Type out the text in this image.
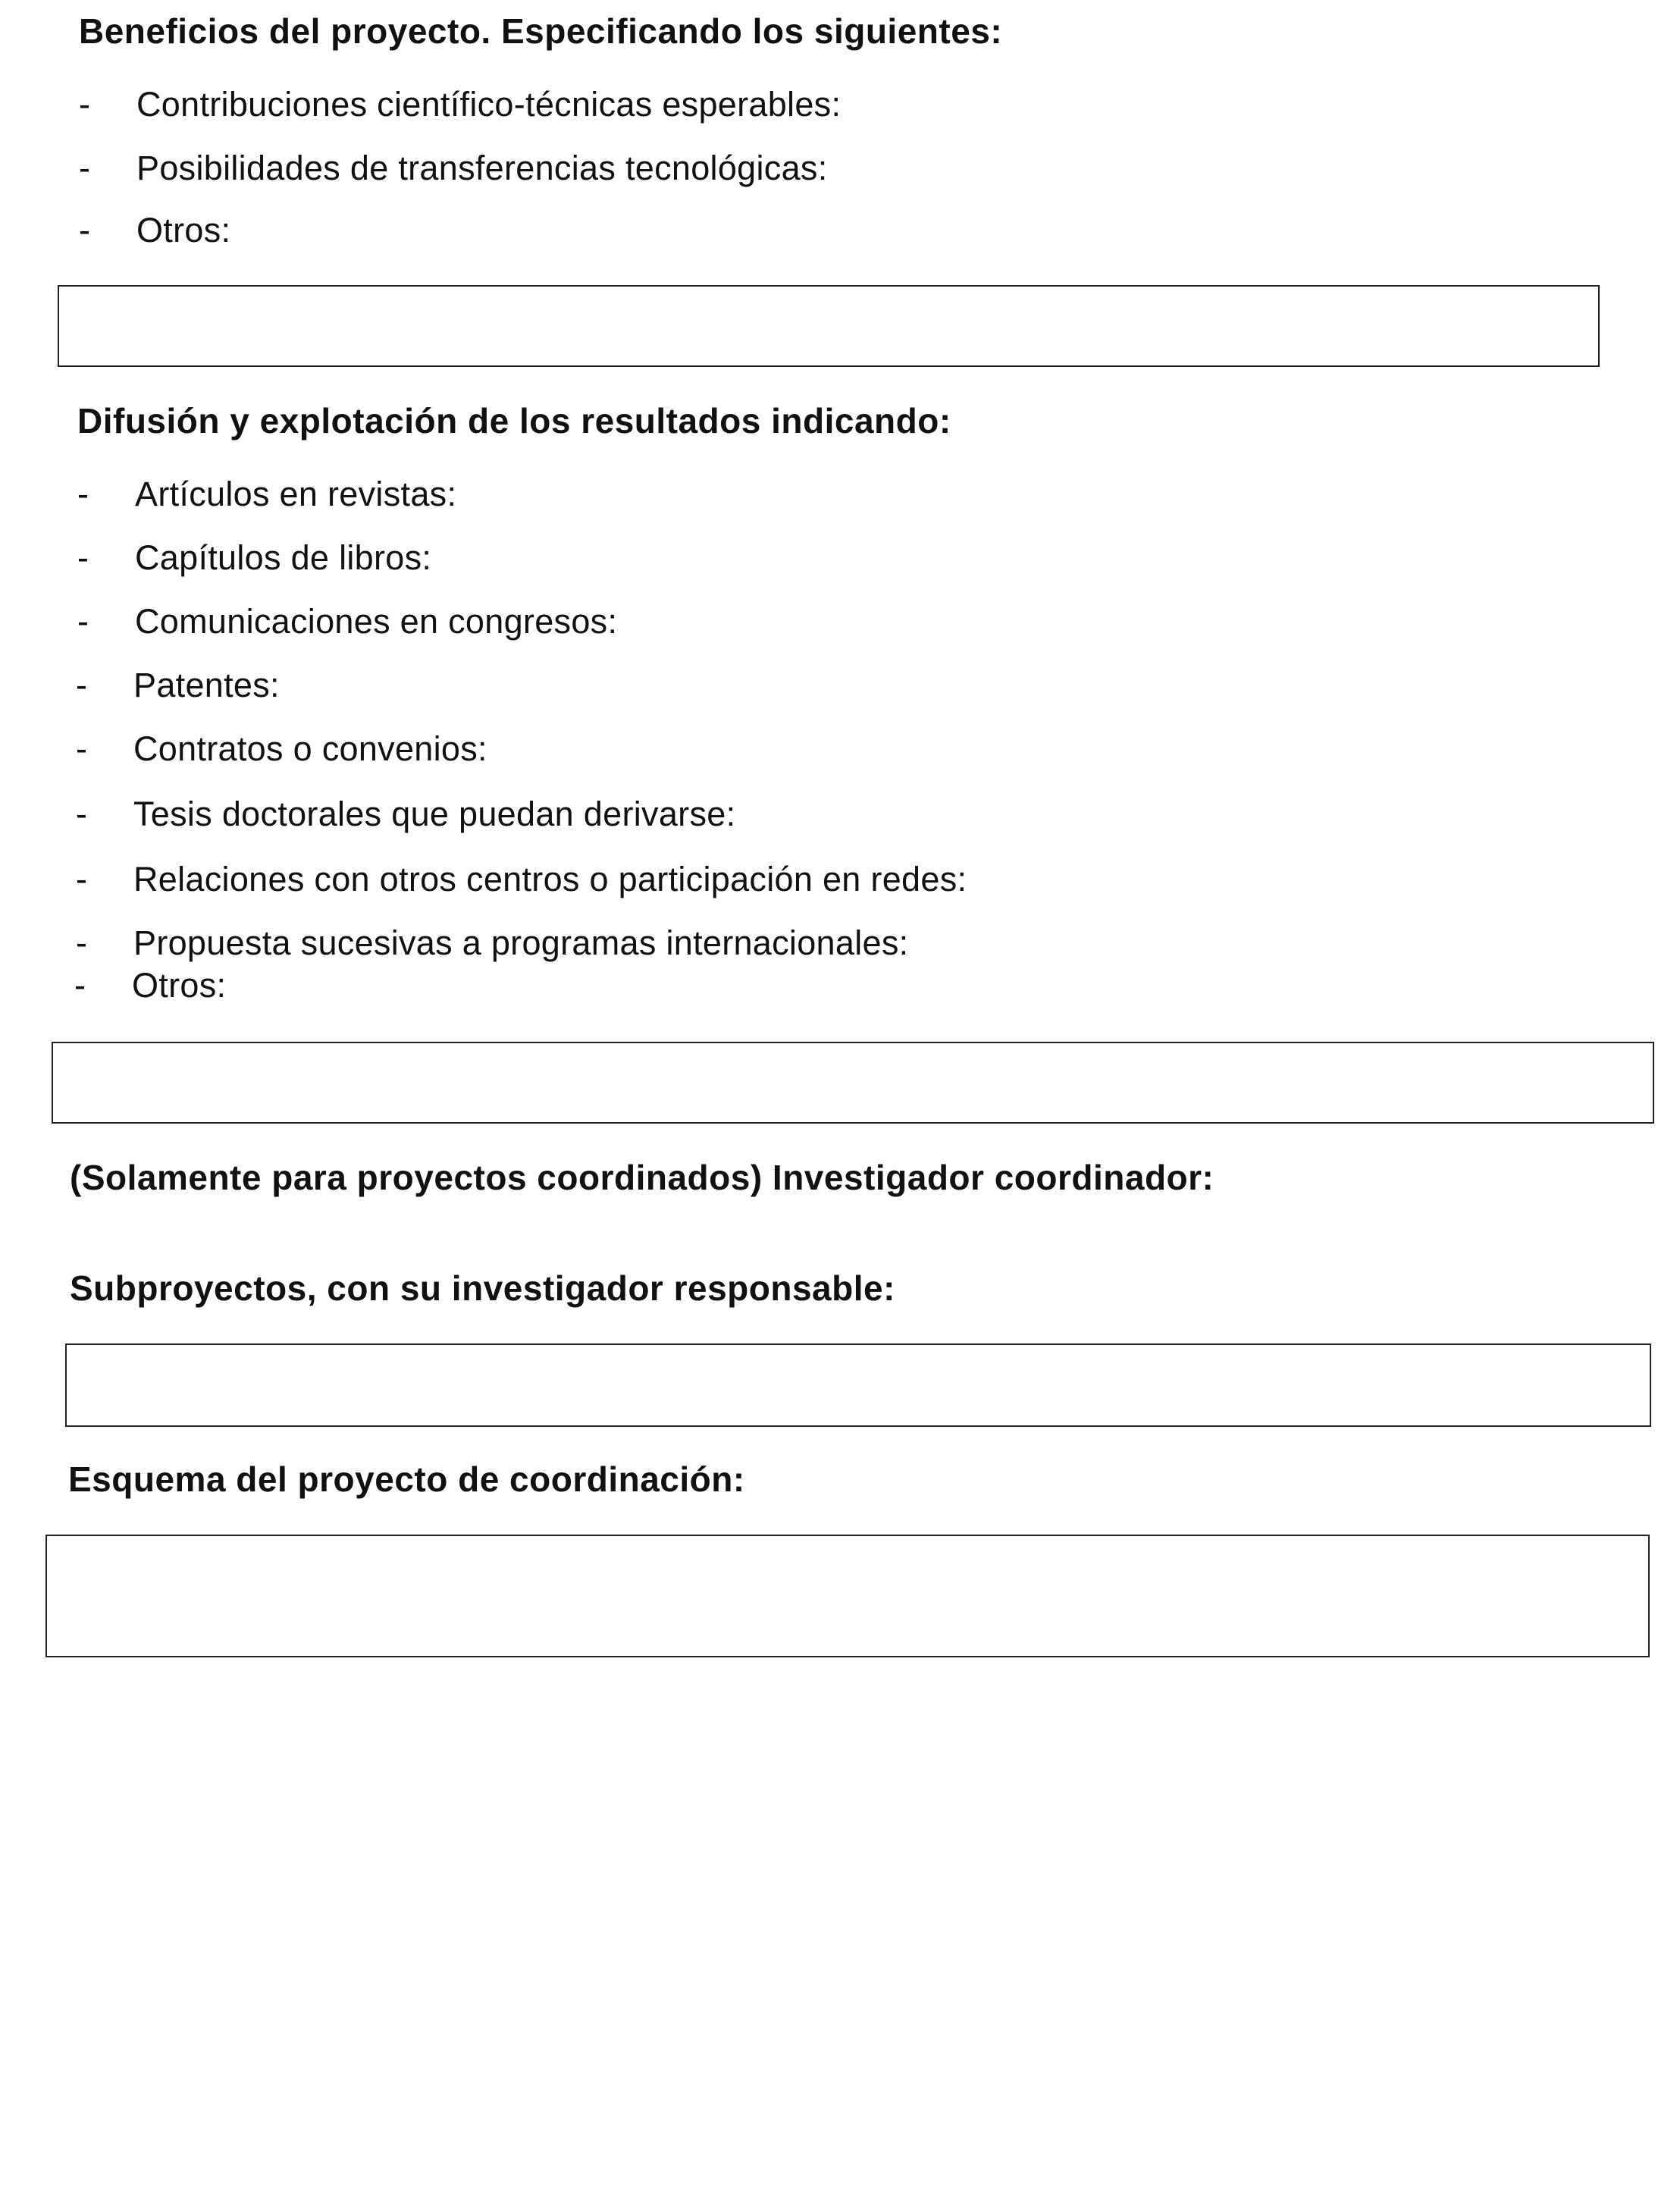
Beneficios del proyecto. Especificando los siguientes:
- Contribuciones científico-técnicas esperables:
- Posibilidades de transferencias tecnológicas:
- Otros:
Difusión y explotación de los resultados indicando:
- Artículos en revistas:
- Capítulos de libros:
- Comunicaciones en congresos:
- Patentes:
- Contratos o convenios:
- Tesis doctorales que puedan derivarse:
- Relaciones con otros centros o participación en redes:
- Propuesta sucesivas a programas internacionales:
- Otros:
(Solamente para proyectos coordinados) Investigador coordinador:
Subproyectos, con su investigador responsable:
Esquema del proyecto de coordinación:
